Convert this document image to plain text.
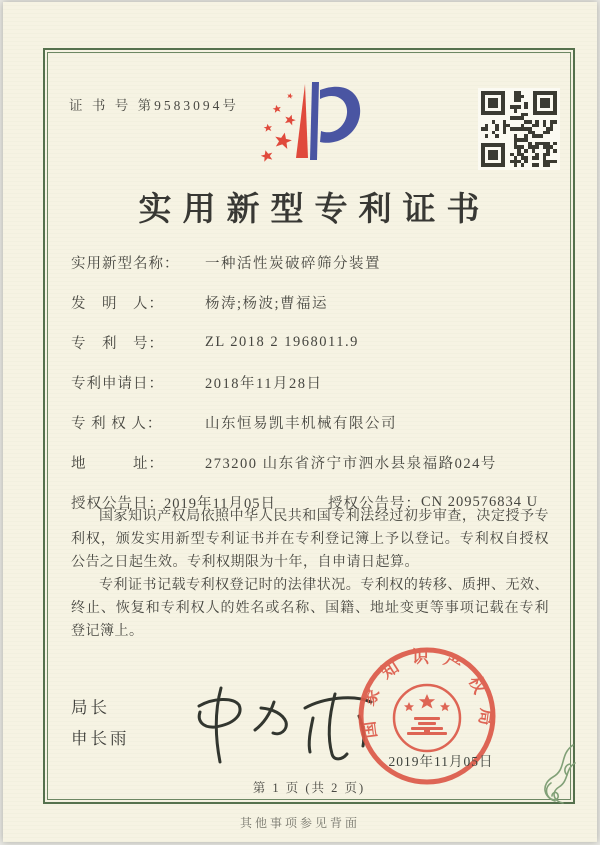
证 书 号 第9583094号
实用新型专利证书
实用新型名称：	一种活性炭破碎筛分装置
发　明　人：	杨涛;杨波;曹福运
专　利　号：	ZL 2018 2 1968011.9
专利申请日：	2018年11月28日
专 利 权 人：	山东恒易凯丰机械有限公司
地　　　址：	273200 山东省济宁市泗水县泉福路024号
授权公告日： 2019年11月05日	授权公告号： CN 209576834 U

国家知识产权局依照中华人民共和国专利法经过初步审查，决定授予专利权，颁发实用新型专利证书并在专利登记簿上予以登记。专利权自授权公告之日起生效。专利权期限为十年，自申请日起算。

专利证书记载专利权登记时的法律状况。专利权的转移、质押、无效、终止、恢复和专利权人的姓名或名称、国籍、地址变更等事项记载在专利登记簿上。

局长
申长雨	国家知识产权局
2019年11月05日
第 1 页 (共 2 页)
其他事项参见背面
